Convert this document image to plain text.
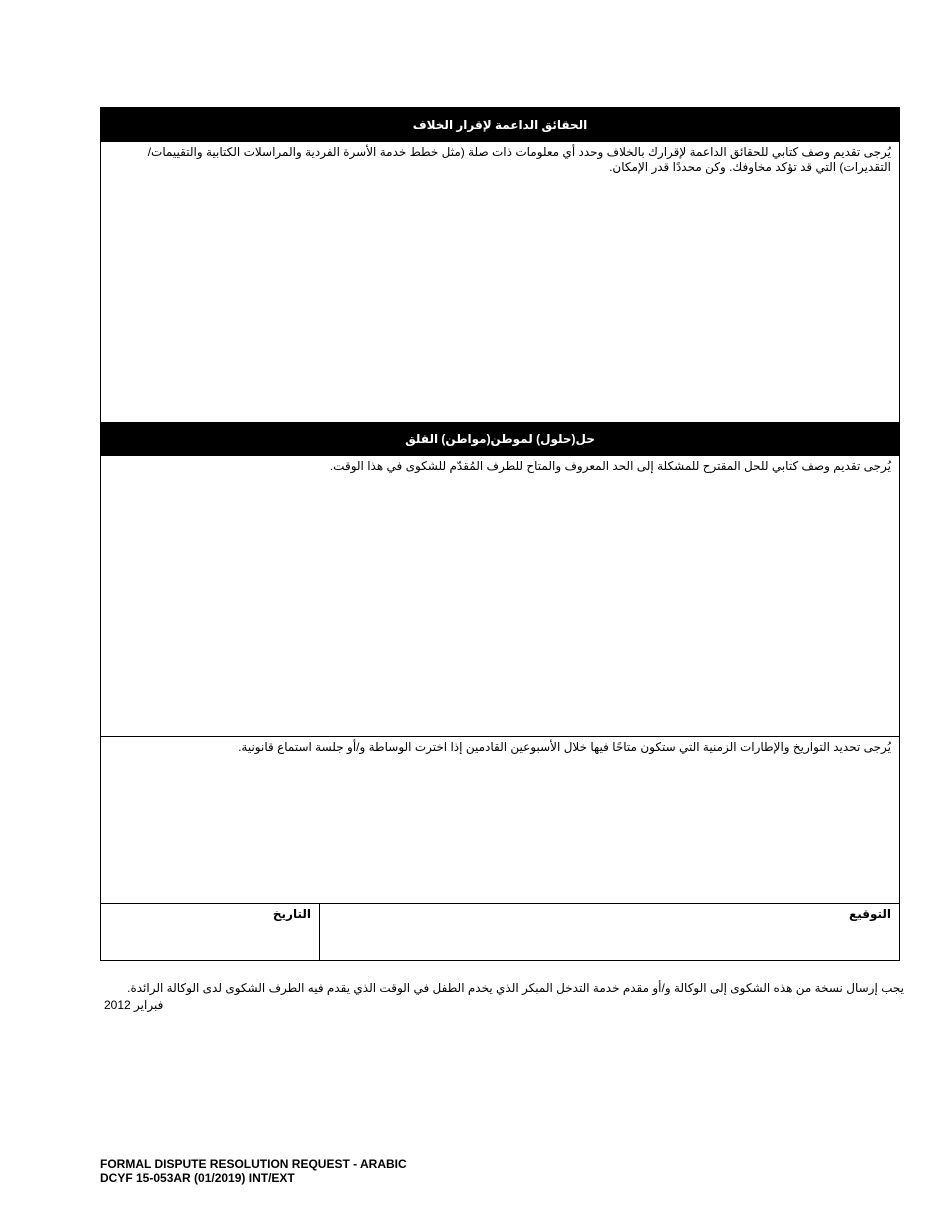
الحقائق الداعمة لإقرار الخلاف
يُرجى تقديم وصف كتابي للحقائق الداعمة لإقرارك بالخلاف وحدد أي معلومات ذات صلة (مثل خطط خدمة الأسرة الفردية والمراسلات الكتابية والتقييمات/التقديرات) التي قد تؤكد مخاوفك. وكن محددًا قدر الإمكان.
حل(حلول) لموطن(مواطن) القلق
يُرجى تقديم وصف كتابي للحل المقترح للمشكلة إلى الحد المعروف والمتاح للطرف المُقدّم للشكوى في هذا الوقت.
يُرجى تحديد التواريخ والإطارات الزمنية التي ستكون متاحًا فيها خلال الأسبوعين القادمين إذا اخترت الوساطة و/أو جلسة استماع قانونية.
التوقيع
التاريخ
يجب إرسال نسخة من هذه الشكوى إلى الوكالة و/أو مقدم خدمة التدخل المبكر الذي يخدم الطفل في الوقت الذي يقدم فيه الطرف الشكوى لدى الوكالة الرائدة.
فبراير 2012
FORMAL DISPUTE RESOLUTION REQUEST - ARABIC
DCYF 15-053AR (01/2019) INT/EXT
